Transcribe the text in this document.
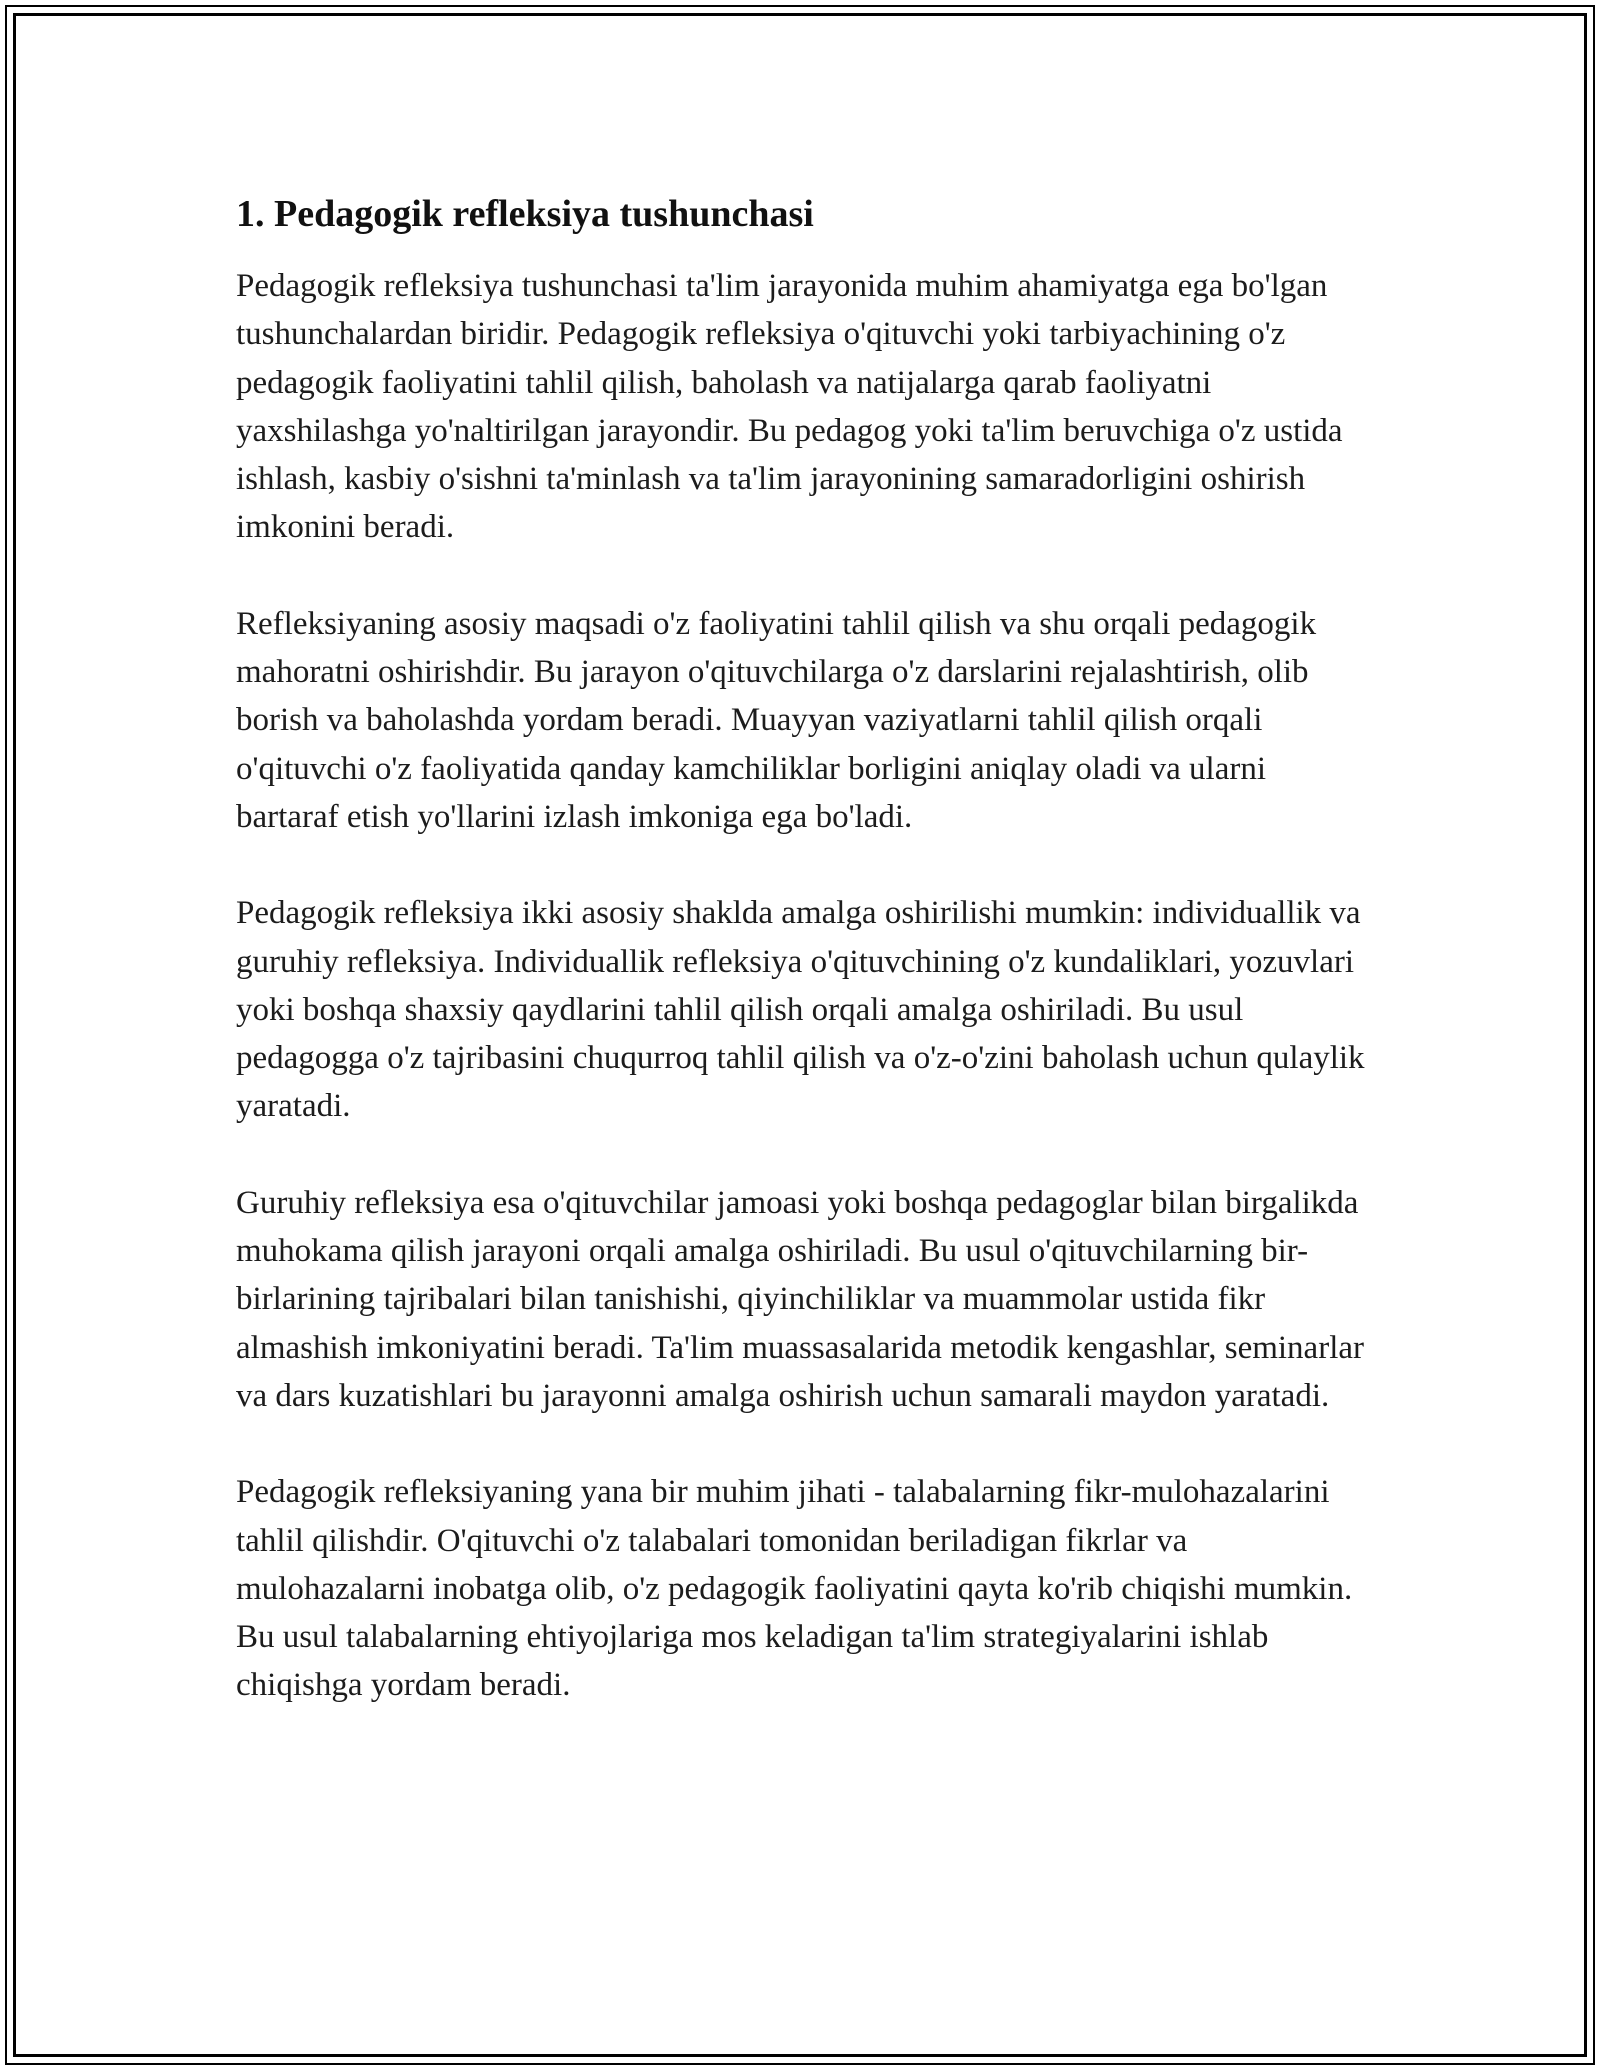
1. Pedagogik refleksiya tushunchasi

Pedagogik refleksiya tushunchasi ta'lim jarayonida muhim ahamiyatga ega bo'lgan tushunchalardan biridir. Pedagogik refleksiya o'qituvchi yoki tarbiyachining o'z pedagogik faoliyatini tahlil qilish, baholash va natijalarga qarab faoliyatni yaxshilashga yo'naltirilgan jarayondir. Bu pedagog yoki ta'lim beruvchiga o'z ustida ishlash, kasbiy o'sishni ta'minlash va ta'lim jarayonining samaradorligini oshirish imkonini beradi.

Refleksiyaning asosiy maqsadi o'z faoliyatini tahlil qilish va shu orqali pedagogik mahoratni oshirishdir. Bu jarayon o'qituvchilarga o'z darslarini rejalashtirish, olib borish va baholashda yordam beradi. Muayyan vaziyatlarni tahlil qilish orqali o'qituvchi o'z faoliyatida qanday kamchiliklar borligini aniqlay oladi va ularni bartaraf etish yo'llarini izlash imkoniga ega bo'ladi.

Pedagogik refleksiya ikki asosiy shaklda amalga oshirilishi mumkin: individuallik va guruhiy refleksiya. Individuallik refleksiya o'qituvchining o'z kundaliklari, yozuvlari yoki boshqa shaxsiy qaydlarini tahlil qilish orqali amalga oshiriladi. Bu usul pedagogga o'z tajribasini chuqurroq tahlil qilish va o'z-o'zini baholash uchun qulaylik yaratadi.

Guruhiy refleksiya esa o'qituvchilar jamoasi yoki boshqa pedagoglar bilan birgalikda muhokama qilish jarayoni orqali amalga oshiriladi. Bu usul o'qituvchilarning bir-birlarining tajribalari bilan tanishishi, qiyinchiliklar va muammolar ustida fikr almashish imkoniyatini beradi. Ta'lim muassasalarida metodik kengashlar, seminarlar va dars kuzatishlari bu jarayonni amalga oshirish uchun samarali maydon yaratadi.

Pedagogik refleksiyaning yana bir muhim jihati - talabalarning fikr-mulohazalarini tahlil qilishdir. O'qituvchi o'z talabalari tomonidan beriladigan fikrlar va mulohazalarni inobatga olib, o'z pedagogik faoliyatini qayta ko'rib chiqishi mumkin. Bu usul talabalarning ehtiyojlariga mos keladigan ta'lim strategiyalarini ishlab chiqishga yordam beradi.
